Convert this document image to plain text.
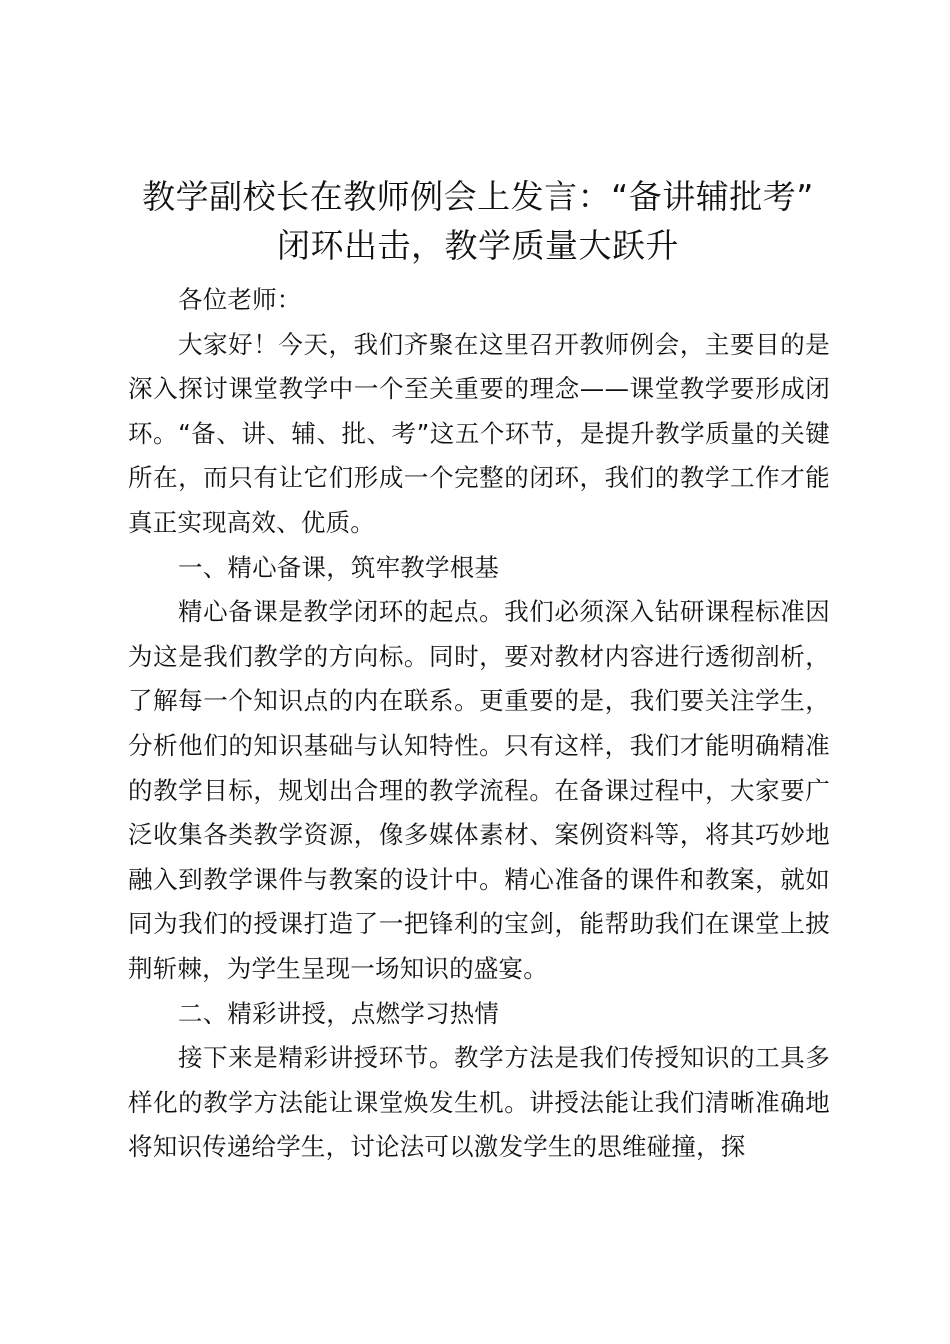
教学副校长在教师例会上发言：“备讲辅批考” 闭环出击，教学质量大跃升

各位老师：

大家好！今天，我们齐聚在这里召开教师例会，主要目的是深入探讨课堂教学中一个至关重要的理念——课堂教学要形成闭环。“备、讲、辅、批、考”这五个环节，是提升教学质量的关键所在，而只有让它们形成一个完整的闭环，我们的教学工作才能真正实现高效、优质。

一、精心备课，筑牢教学根基

精心备课是教学闭环的起点。我们必须深入钻研课程标准因为这是我们教学的方向标。同时，要对教材内容进行透彻剖析，了解每一个知识点的内在联系。更重要的是，我们要关注学生，分析他们的知识基础与认知特性。只有这样，我们才能明确精准的教学目标，规划出合理的教学流程。在备课过程中，大家要广泛收集各类教学资源，像多媒体素材、案例资料等，将其巧妙地融入到教学课件与教案的设计中。精心准备的课件和教案，就如同为我们的授课打造了一把锋利的宝剑，能帮助我们在课堂上披荆斩棘，为学生呈现一场知识的盛宴。

二、精彩讲授，点燃学习热情

接下来是精彩讲授环节。教学方法是我们传授知识的工具多样化的教学方法能让课堂焕发生机。讲授法能让我们清晰准确地将知识传递给学生，讨论法可以激发学生的思维碰撞，探
